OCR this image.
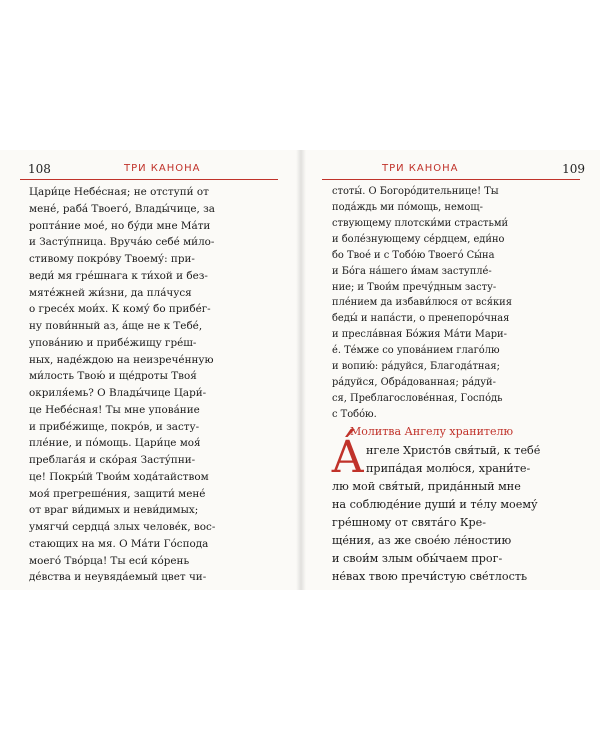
108	ТРИ КАНОНА
Цари́це Небе́сная; не отступи́ от
мене́, раба́ Твоего́, Влады́чице, за
ропта́ние мое́, но бу́ди мне Ма́ти
и Засту́пница. Вруча́ю себе́ ми́ло-
стивому покро́ву Твоему́: при-
веди́ мя гре́шнага к ти́хой и без-
мяте́жней жи́зни, да пла́чуся
о гресе́х мои́х. К кому́ бо прибе́г-
ну пови́нный аз, а́ще не к Тебе́,
упова́нию и прибе́жищу гре́ш-
ных, наде́ждою на неизрече́нную
ми́лость Твою́ и ще́дроты Твоя́
окриля́емь? О Влады́чице Цари́-
це Небе́сная! Ты мне упова́ние
и прибе́жище, покро́в, и засту-
пле́ние, и по́мощь. Цари́це моя́
преблага́я и ско́рая Засту́пни-
це! Покры́й Твои́м хода́тайством
моя́ прегреше́ния, защити́ мене́
от враг ви́димых и неви́димых;
умягчи́ сердца́ злых челове́к, вос-
стающих на мя. О Ма́ти Го́спода
моего́ Тво́рца! Ты еси́ ко́рень
де́вства и неувяда́емый цвет чи-
ТРИ КАНОНА	109
стоты́. О Богоро́дительнице! Ты
пода́ждь ми по́мощь, немощ-
ствующему плотски́ми страстьми́
и боле́знующему се́рдцем, еди́но
бо Твое́ и с Тобо́ю Твоего́ Сы́на
и Бо́га на́шего и́мам заступле́-
ние; и Твои́м пречу́дным засту-
пле́нием да избави́люся от вся́кия
беды́ и напа́сти, о пренепоро́чная
и пресла́вная Бо́жия Ма́ти Мари-
е́. Те́мже со упова́нием глаго́лю
и вопию́: ра́дуйся, Благода́тная;
ра́дуйся, Обра́дованная; ра́дуй-
ся, Преблагослове́нная, Госпо́дь
с Тобо́ю.
Молитва Ангелу хранителю
А́ нгеле Христо́в свя́тый, к тебе́
припа́дая молю́ся, храни́те-
лю мой свя́тый, прида́нный мне
на соблюде́ние души́ и те́лу моему́
гре́шному от свята́го Кре-
ще́ния, аз же своéю ле́ностию
и свои́м злым обы́чаем прог-
не́вах твою пречи́стую све́тлость
